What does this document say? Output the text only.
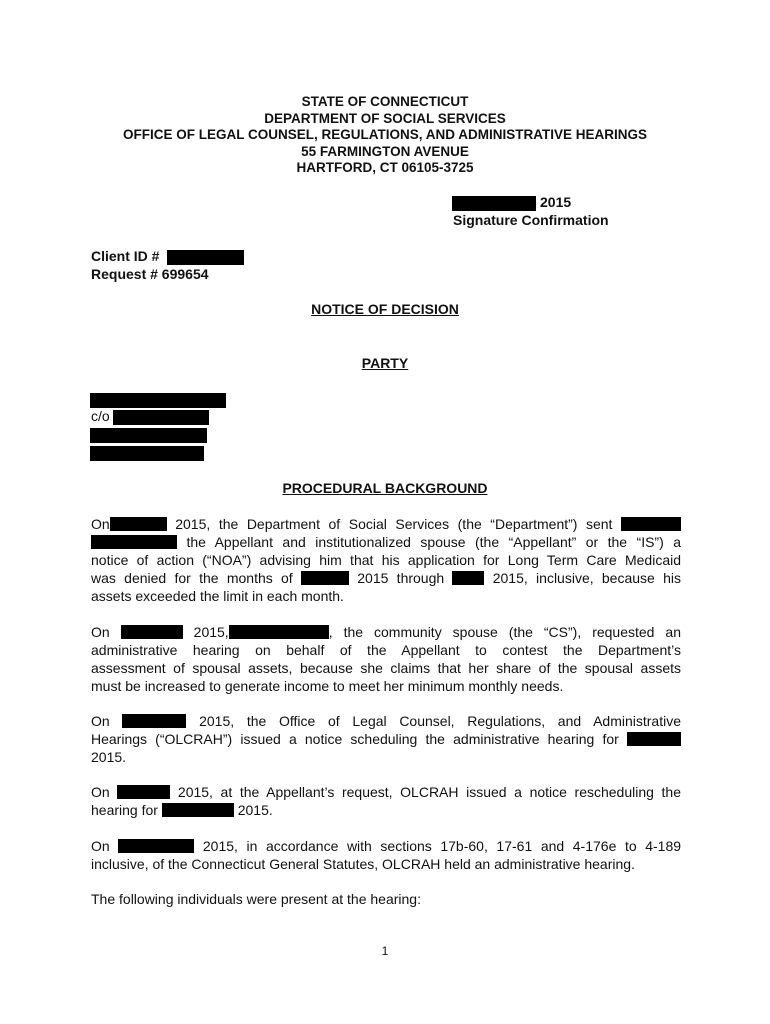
STATE OF CONNECTICUT
DEPARTMENT OF SOCIAL SERVICES
OFFICE OF LEGAL COUNSEL, REGULATIONS, AND ADMINISTRATIVE HEARINGS
55 FARMINGTON AVENUE
HARTFORD, CT 06105-3725
2015
Signature Confirmation
Client ID #
Request # 699654
NOTICE OF DECISION
PARTY
c/o
PROCEDURAL BACKGROUND
On	2015, the Department of Social Services (the “Department”) sent
the Appellant and institutionalized spouse (the “Appellant” or the “IS”) a
notice of action (“NOA”) advising him that his application for Long Term Care Medicaid
was denied for the months of	2015 through	2015, inclusive, because his
assets exceeded the limit in each month.
On	2015,	, the community spouse (the “CS”), requested an
administrative hearing on behalf of the Appellant to contest the Department’s
assessment of spousal assets, because she claims that her share of the spousal assets
must be increased to generate income to meet her minimum monthly needs.
On	2015, the Office of Legal Counsel, Regulations, and Administrative
Hearings (“OLCRAH”) issued a notice scheduling the administrative hearing for
2015.
On	2015, at the Appellant’s request, OLCRAH issued a notice rescheduling the
hearing for	2015.
On	2015, in accordance with sections 17b-60, 17-61 and 4-176e to 4-189
inclusive, of the Connecticut General Statutes, OLCRAH held an administrative hearing.
The following individuals were present at the hearing:
1
